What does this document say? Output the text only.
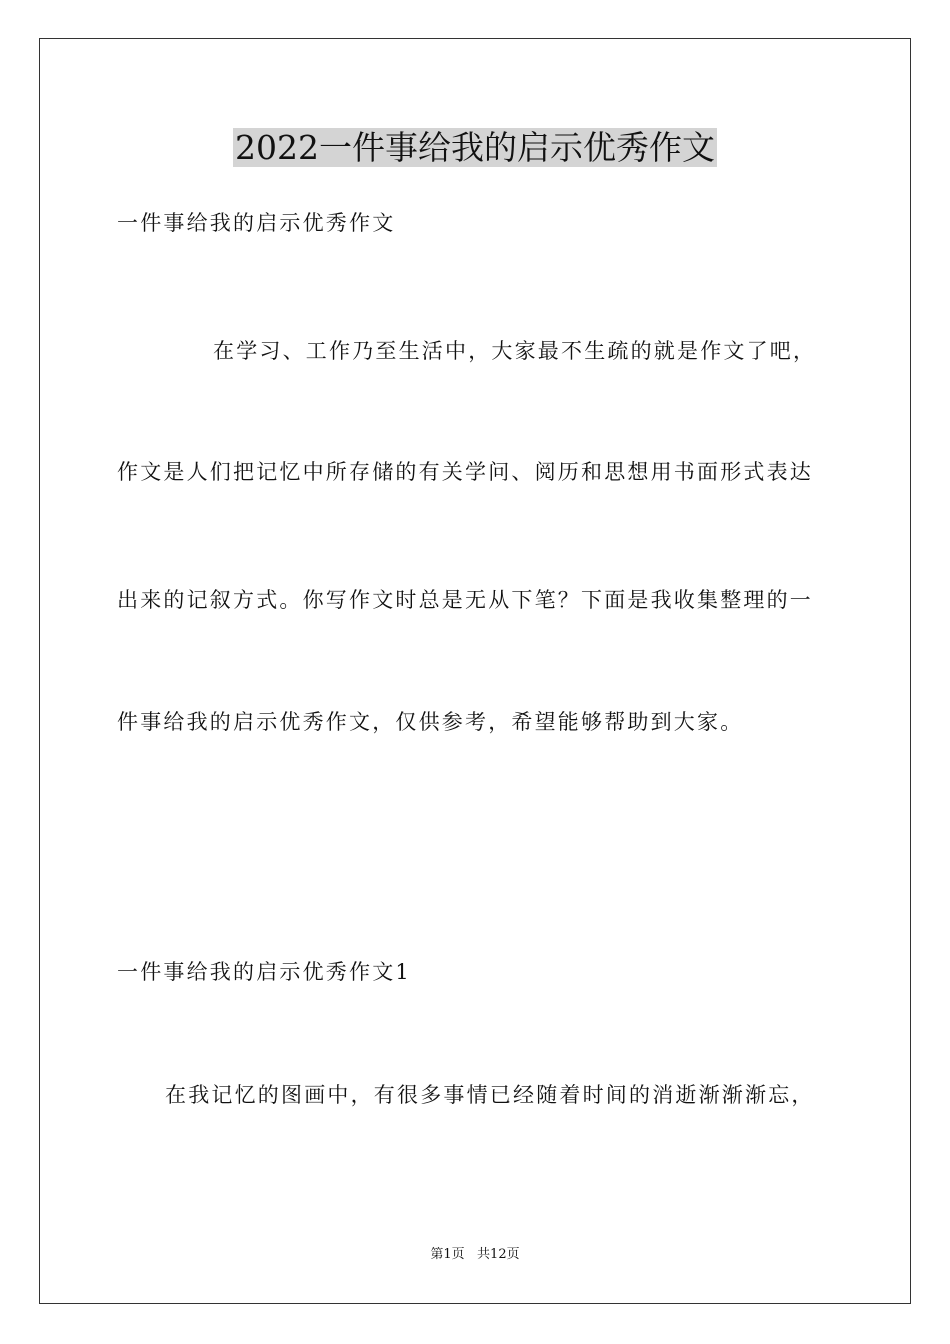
2022一件事给我的启示优秀作文
一件事给我的启示优秀作文
在学习、工作乃至生活中，大家最不生疏的就是作文了吧，
作文是人们把记忆中所存储的有关学问、阅历和思想用书面形式表达
出来的记叙方式。你写作文时总是无从下笔？下面是我收集整理的一
件事给我的启示优秀作文，仅供参考，希望能够帮助到大家。
一件事给我的启示优秀作文1
在我记忆的图画中，有很多事情已经随着时间的消逝渐渐渐忘，
第1页   共12页
